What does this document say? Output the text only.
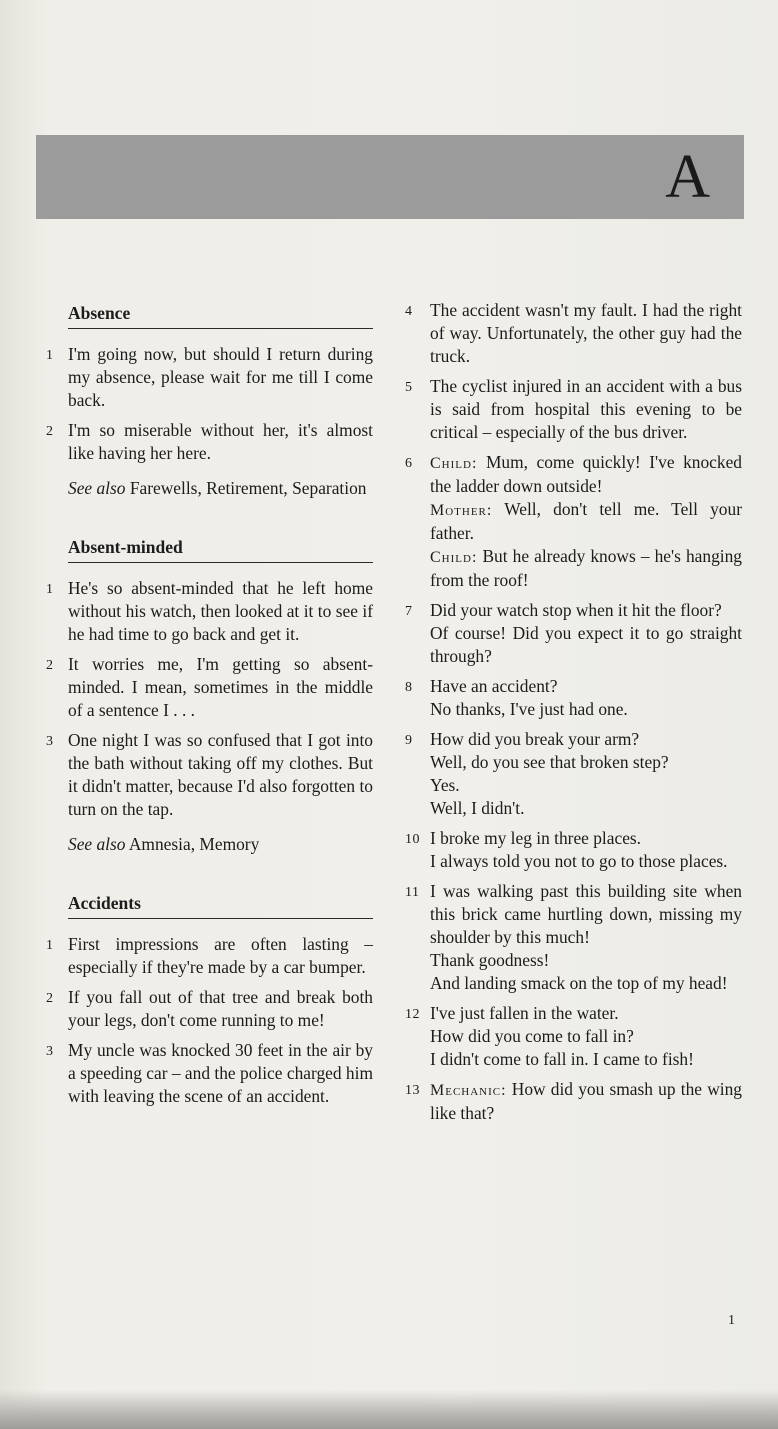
A
Absence
1 I'm going now, but should I return during my absence, please wait for me till I come back.
2 I'm so miserable without her, it's almost like having her here.

See also Farewells, Retirement, Separation

Absent-minded
1 He's so absent-minded that he left home without his watch, then looked at it to see if he had time to go back and get it.
2 It worries me, I'm getting so absent-minded. I mean, sometimes in the middle of a sentence I . . .
3 One night I was so confused that I got into the bath without taking off my clothes. But it didn't matter, because I'd also forgotten to turn on the tap.

See also Amnesia, Memory

Accidents
1 First impressions are often lasting – especially if they're made by a car bumper.
2 If you fall out of that tree and break both your legs, don't come running to me!
3 My uncle was knocked 30 feet in the air by a speeding car – and the police charged him with leaving the scene of an accident.
4	The accident wasn't my fault. I had the right of way. Unfortunately, the other guy had the truck.
5	The cyclist injured in an accident with a bus is said from hospital this evening to be critical – especially of the bus driver.
6	Child: Mum, come quickly! I've knocked the ladder down outside!

Mother: Well, don't tell me. Tell your father.

Child: But he already knows – he's hanging from the roof!

7	Did your watch stop when it hit the floor?

Of course! Did you expect it to go straight through?

8	Have an accident?

No thanks, I've just had one.

9	How did you break your arm?

Well, do you see that broken step?

Yes.

Well, I didn't.

10 I broke my leg in three places.

I always told you not to go to those places.

11 I was walking past this building site when this brick came hurtling down, missing my shoulder by this much!

Thank goodness!

And landing smack on the top of my head!

12 I've just fallen in the water.

How did you come to fall in?

I didn't come to fall in. I came to fish!

13 Mechanic: How did you smash up the wing like that?

1
